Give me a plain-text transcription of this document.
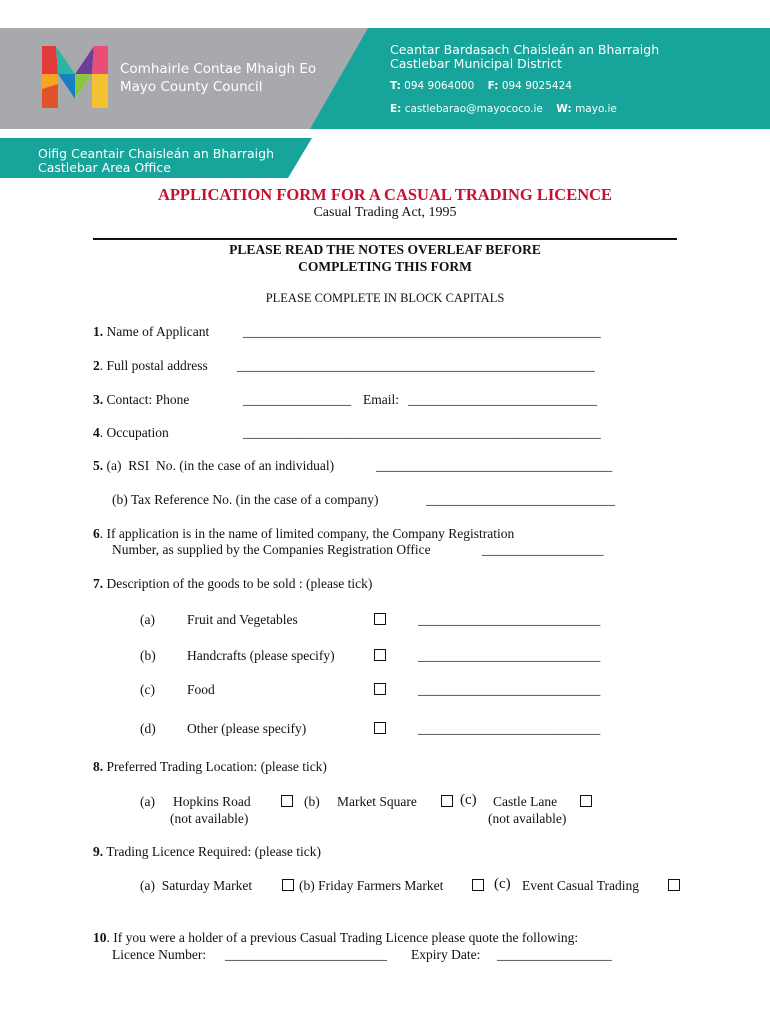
Comhairle Contae Mhaigh Eo
Mayo County Council
Ceantar Bardasach Chaisleán an Bharraigh
Castlebar Municipal District
T: 094 9064000 F: 094 9025424
E: castlebarao@mayococo.ie W: mayo.ie
Oifig Ceantair Chaisleán an Bharraigh
Castlebar Area Office
APPLICATION FORM FOR A CASUAL TRADING LICENCE
Casual Trading Act, 1995
PLEASE READ THE NOTES OVERLEAF BEFORE
COMPLETING THIS FORM
PLEASE COMPLETE IN BLOCK CAPITALS
1. Name of Applicant	_____________________________________________________
2. Full postal address _____________________________________________________
3. Contact: Phone	________________ Email: ____________________________
4. Occupation	_____________________________________________________
5. (a)  RSI  No. (in the case of an individual)	___________________________________
(b) Tax Reference No. (in the case of a company)	____________________________
6. If application is in the name of limited company, the Company Registration
Number, as supplied by the Companies Registration Office	__________________
7. Description of the goods to be sold : (please tick)
(a) Fruit and Vegetables	___________________________
(b) Handcrafts (please specify)	___________________________
(c) Food	___________________________
(d) Other (please specify)	___________________________
8. Preferred Trading Location: (please tick)
(a) Hopkins Road
(not available)
(b) Market Square	(c) Castle Lane
(not available)
9. Trading Licence Required: (please tick)
(a)  Saturday Market	(b) Friday Farmers Market	(c) Event Casual Trading
10. If you were a holder of a previous Casual Trading Licence please quote the following:
Licence Number: ________________________ Expiry Date: _________________
